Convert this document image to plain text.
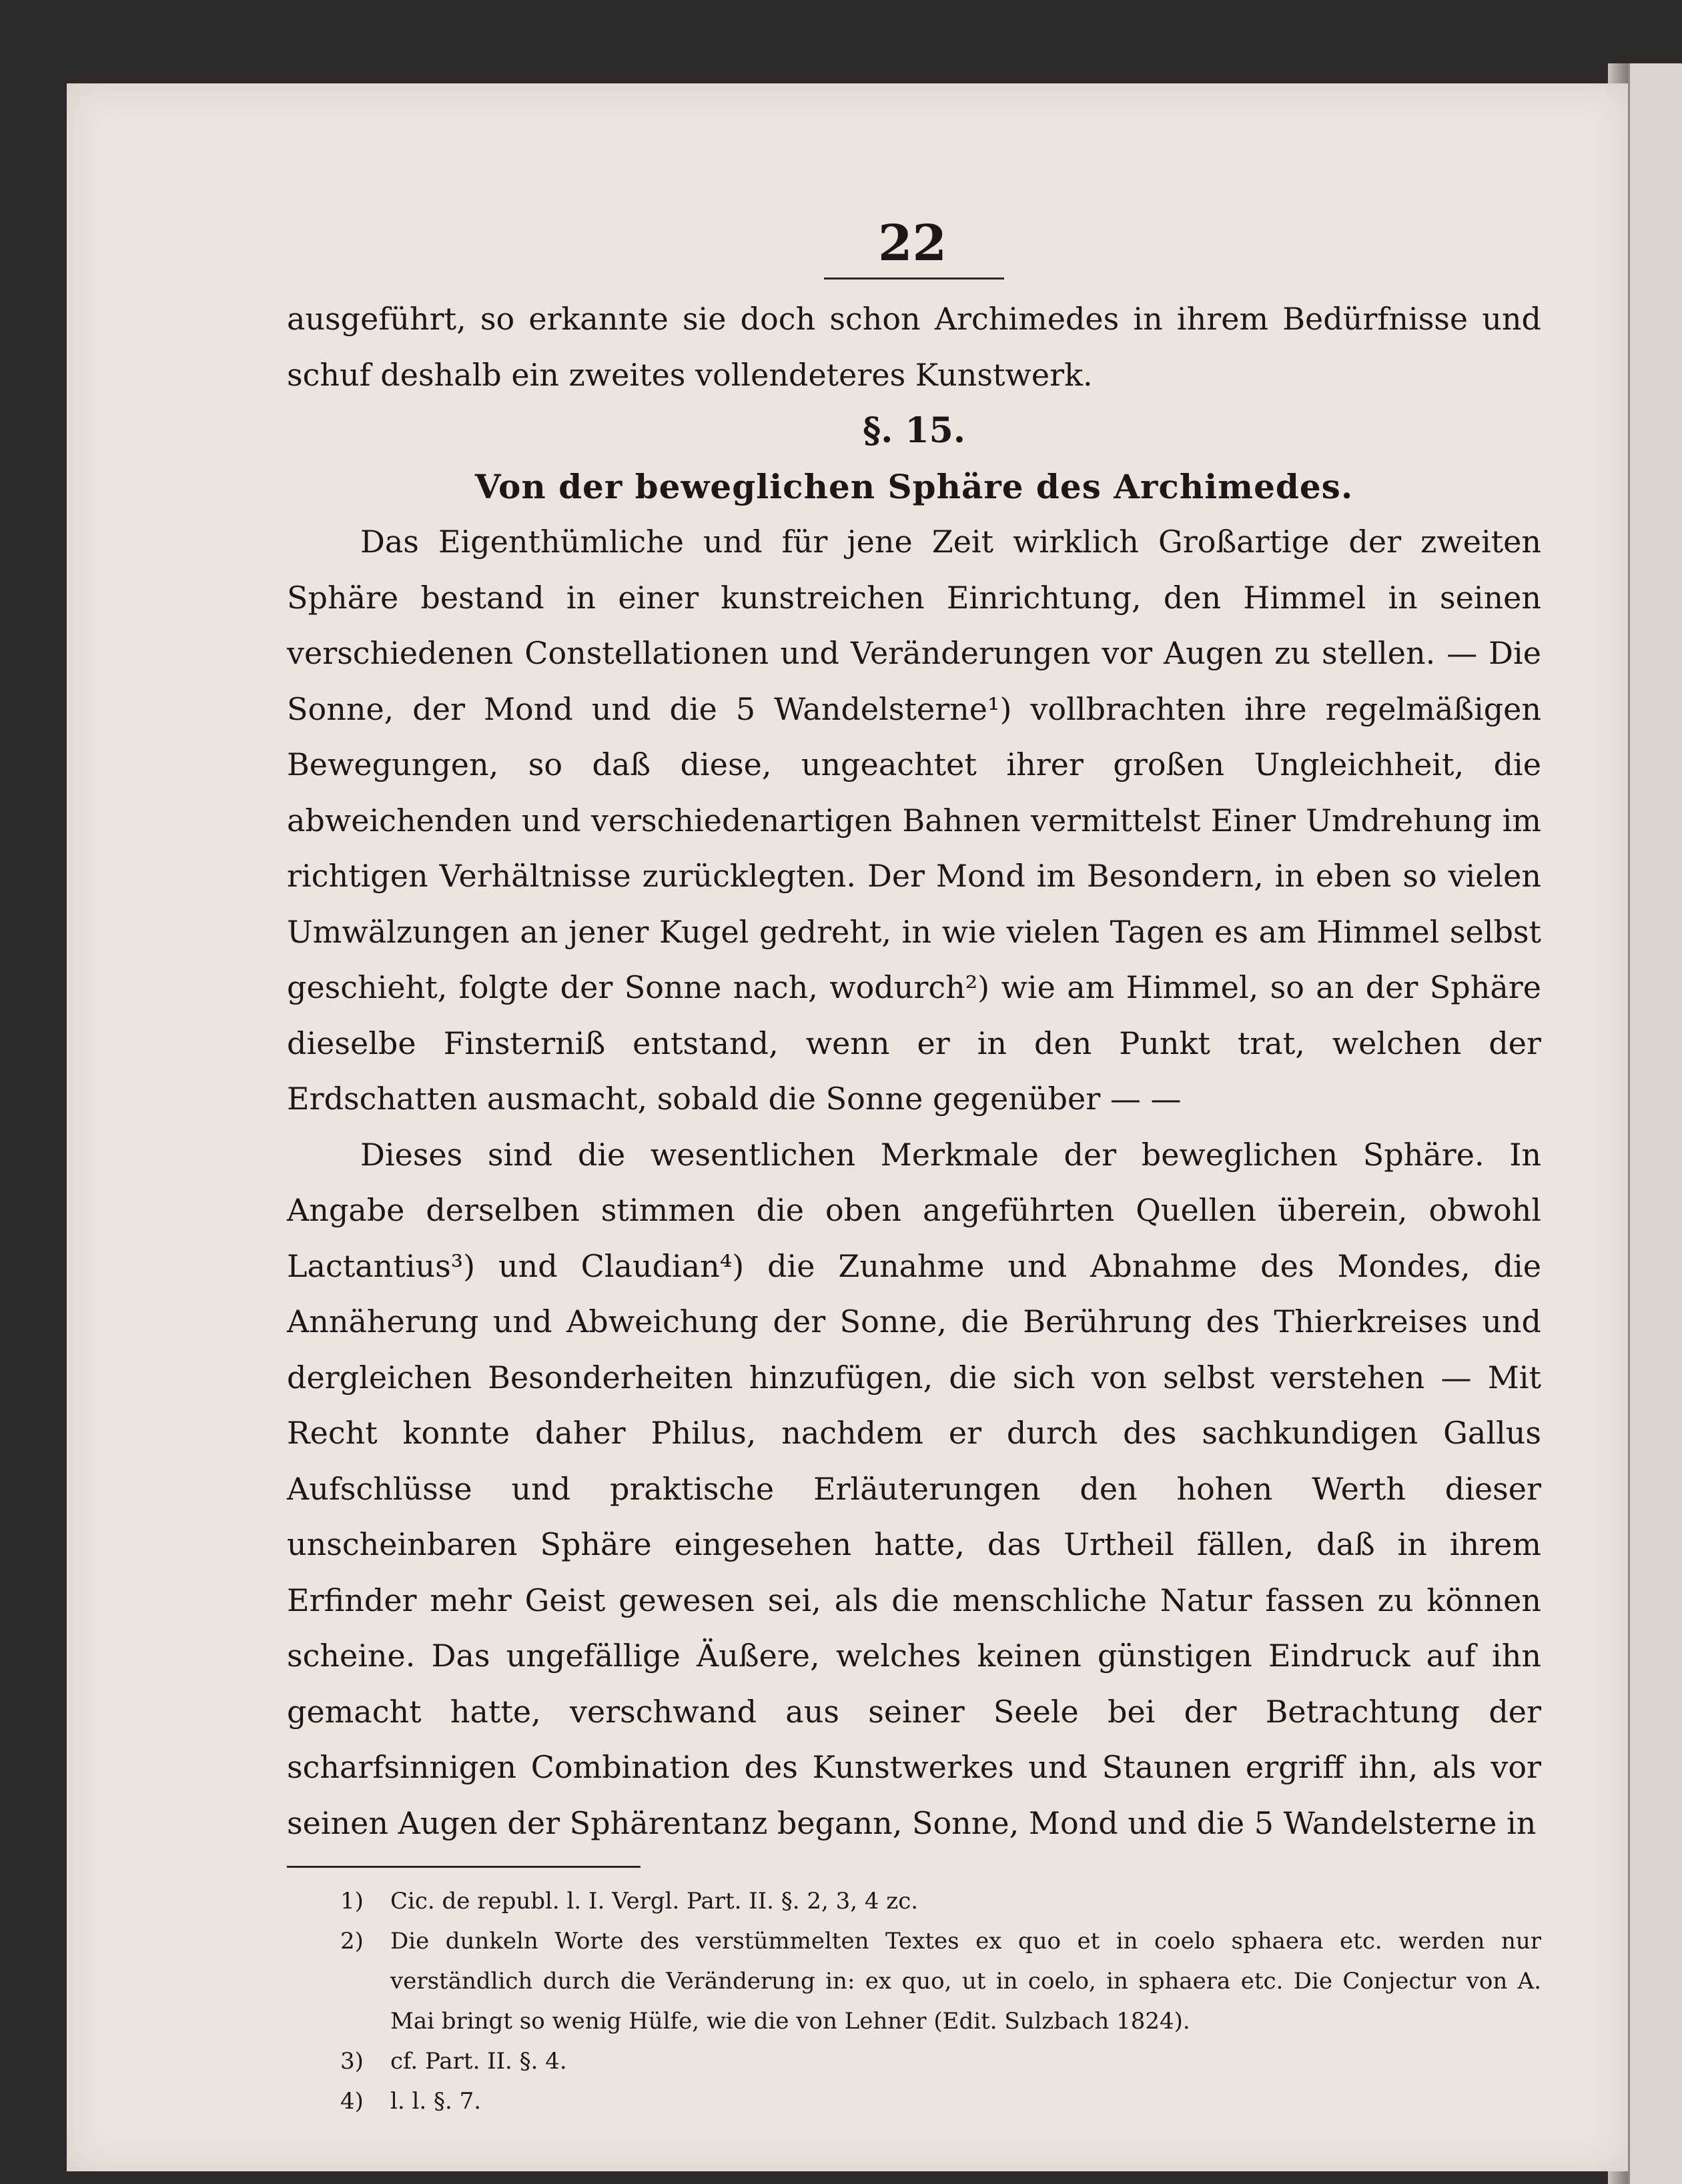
22

ausgeführt, so erkannte sie doch schon Archimedes in ihrem Bedürfnisse und schuf deshalb ein zweites vollendeteres Kunstwerk.

§. 15.
Von der beweglichen Sphäre des Archimedes.

Das Eigenthümliche und für jene Zeit wirklich Großartige der zweiten Sphäre bestand in einer kunstreichen Einrichtung, den Himmel in seinen verschiedenen Constellationen und Veränderungen vor Augen zu stellen. — Die Sonne, der Mond und die 5 Wandelsterne¹) vollbrachten ihre regelmäßigen Bewegungen, so daß diese, ungeachtet ihrer großen Ungleichheit, die abweichenden und verschiedenartigen Bahnen vermittelst Einer Umdrehung im richtigen Verhältnisse zurücklegten. Der Mond im Besondern, in eben so vielen Umwälzungen an jener Kugel gedreht, in wie vielen Tagen es am Himmel selbst geschieht, folgte der Sonne nach, wodurch²) wie am Himmel, so an der Sphäre dieselbe Finsterniß entstand, wenn er in den Punkt trat, welchen der Erdschatten ausmacht, sobald die Sonne gegenüber — —

Dieses sind die wesentlichen Merkmale der beweglichen Sphäre. In Angabe derselben stimmen die oben angeführten Quellen überein, obwohl Lactantius³) und Claudian⁴) die Zunahme und Abnahme des Mondes, die Annäherung und Abweichung der Sonne, die Berührung des Thierkreises und dergleichen Besonderheiten hinzufügen, die sich von selbst verstehen — Mit Recht konnte daher Philus, nachdem er durch des sachkundigen Gallus Aufschlüsse und praktische Erläuterungen den hohen Werth dieser unscheinbaren Sphäre eingesehen hatte, das Urtheil fällen, daß in ihrem Erfinder mehr Geist gewesen sei, als die menschliche Natur fassen zu können scheine. Das ungefällige Äußere, welches keinen günstigen Eindruck auf ihn gemacht hatte, verschwand aus seiner Seele bei der Betrachtung der scharfsinnigen Combination des Kunstwerkes und Staunen ergriff ihn, als vor seinen Augen der Sphärentanz begann, Sonne, Mond und die 5 Wandelsterne in

1)	Cic. de republ. l. I. Vergl. Part. II. §. 2, 3, 4 zc.
2)	Die dunkeln Worte des verstümmelten Textes ex quo et in coelo sphaera etc. werden nur verständlich durch die Veränderung in: ex quo, ut in coelo, in sphaera etc. Die Conjectur von A. Mai bringt so wenig Hülfe, wie die von Lehner (Edit. Sulzbach 1824).
3)	cf. Part. II. §. 4.
4)	l. l. §. 7.
